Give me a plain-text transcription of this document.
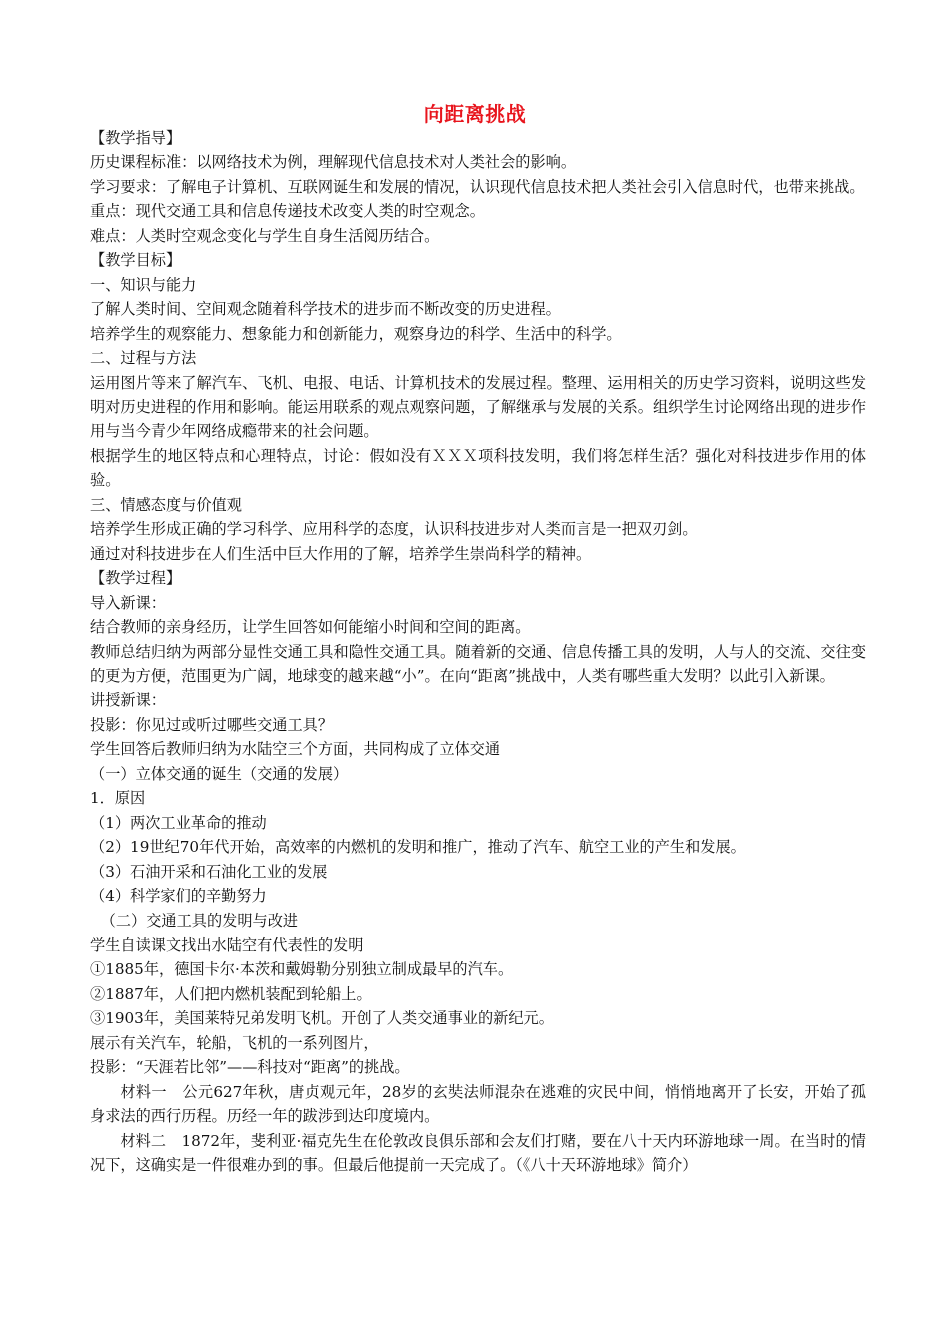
向距离挑战

【教学指导】

历史课程标准：以网络技术为例，理解现代信息技术对人类社会的影响。

学习要求：了解电子计算机、互联网诞生和发展的情况，认识现代信息技术把人类社会引入信息时代，也带来挑战。

重点：现代交通工具和信息传递技术改变人类的时空观念。

难点：人类时空观念变化与学生自身生活阅历结合。

【教学目标】

一、知识与能力

了解人类时间、空间观念随着科学技术的进步而不断改变的历史进程。

培养学生的观察能力、想象能力和创新能力，观察身边的科学、生活中的科学。

二、过程与方法

运用图片等来了解汽车、飞机、电报、电话、计算机技术的发展过程。整理、运用相关的历史学习资料，说明这些发明对历史进程的作用和影响。能运用联系的观点观察问题，了解继承与发展的关系。组织学生讨论网络出现的进步作用与当今青少年网络成瘾带来的社会问题。

根据学生的地区特点和心理特点，讨论：假如没有ＸＸＸ项科技发明，我们将怎样生活？强化对科技进步作用的体验。

三、情感态度与价值观

培养学生形成正确的学习科学、应用科学的态度，认识科技进步对人类而言是一把双刃剑。

通过对科技进步在人们生活中巨大作用的了解，培养学生崇尚科学的精神。

【教学过程】

导入新课：

结合教师的亲身经历，让学生回答如何能缩小时间和空间的距离。

教师总结归纳为两部分显性交通工具和隐性交通工具。随着新的交通、信息传播工具的发明，人与人的交流、交往变的更为方便，范围更为广阔，地球变的越来越“小”。在向“距离”挑战中，人类有哪些重大发明？以此引入新课。

讲授新课：

投影：你见过或听过哪些交通工具？

学生回答后教师归纳为水陆空三个方面，共同构成了立体交通

（一）立体交通的诞生（交通的发展）

1．原因

（1）两次工业革命的推动

（2）19世纪70年代开始，高效率的内燃机的发明和推广，推动了汽车、航空工业的产生和发展。

（3）石油开采和石油化工业的发展

（4）科学家们的辛勤努力

（二）交通工具的发明与改进

学生自读课文找出水陆空有代表性的发明

①1885年，德国卡尔·本茨和戴姆勒分别独立制成最早的汽车。

②1887年，人们把内燃机装配到轮船上。

③1903年，美国莱特兄弟发明飞机。开创了人类交通事业的新纪元。

展示有关汽车，轮船，飞机的一系列图片，

投影：“天涯若比邻”——科技对“距离”的挑战。

材料一　公元627年秋，唐贞观元年，28岁的玄奘法师混杂在逃难的灾民中间，悄悄地离开了长安，开始了孤身求法的西行历程。历经一年的跋涉到达印度境内。

材料二　1872年，斐利亚·福克先生在伦敦改良俱乐部和会友们打赌，要在八十天内环游地球一周。在当时的情况下，这确实是一件很难办到的事。但最后他提前一天完成了。（《八十天环游地球》简介）
